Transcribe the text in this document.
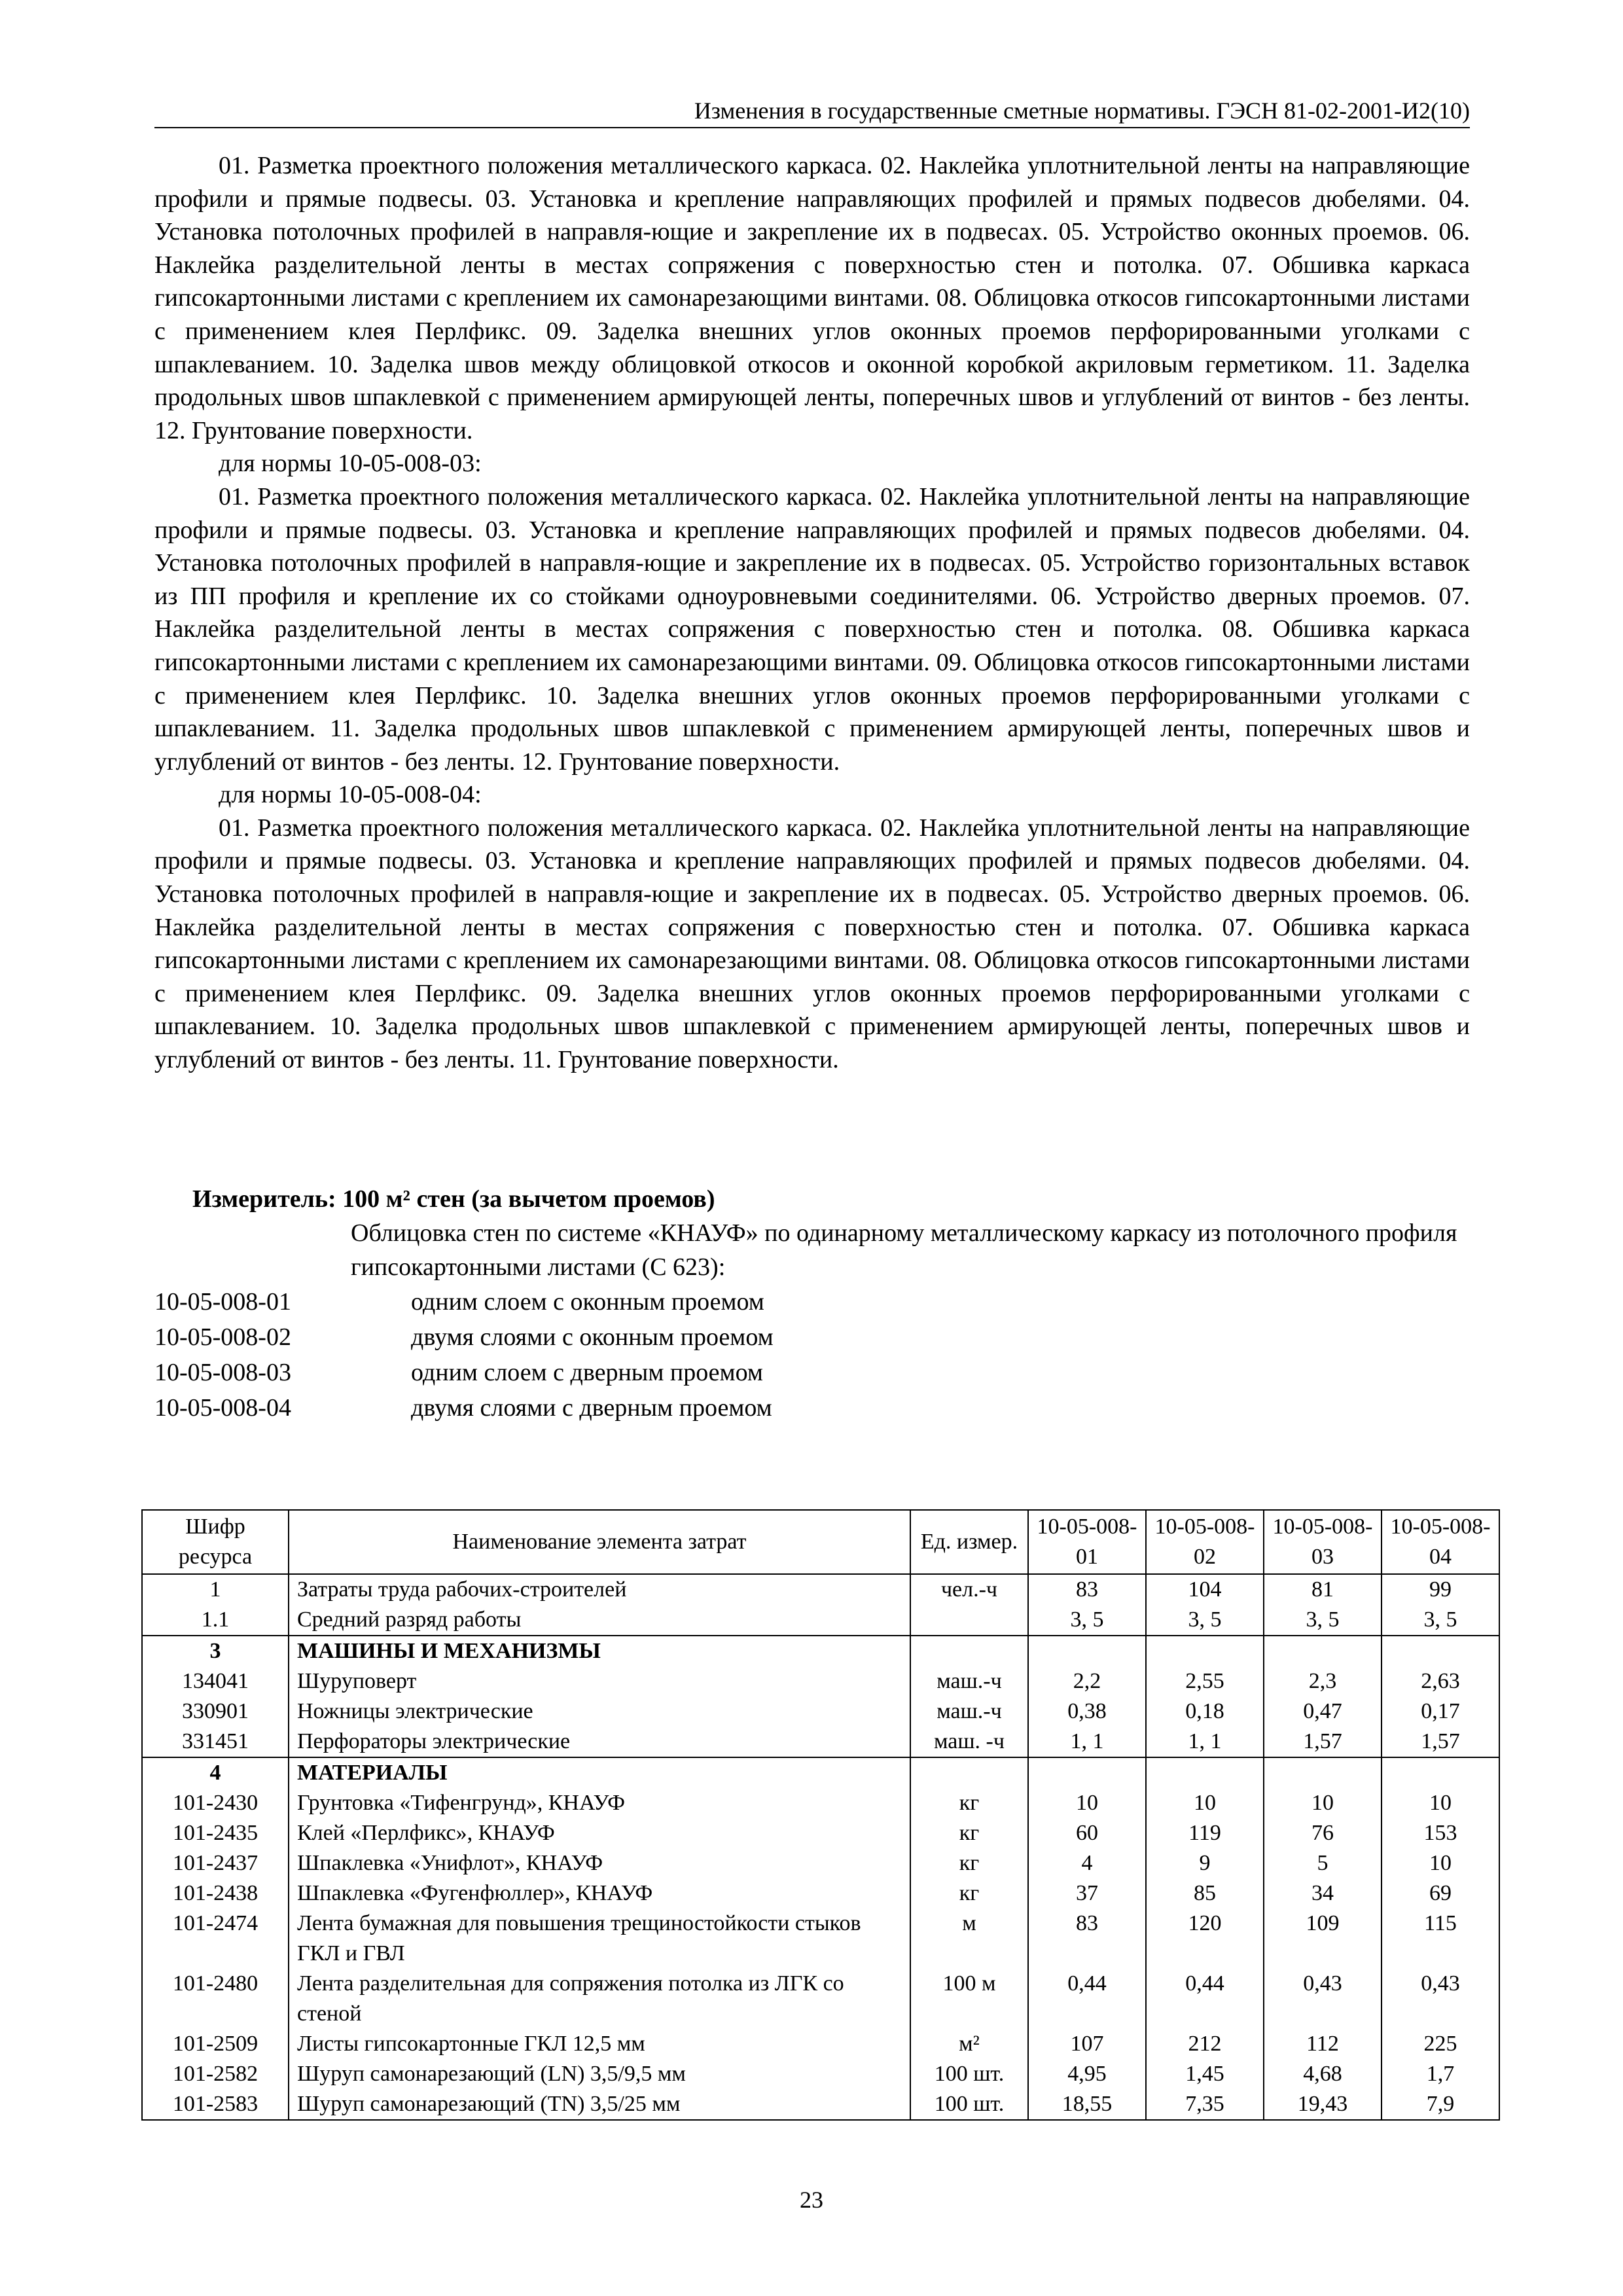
Изменения в государственные сметные нормативы. ГЭСН 81-02-2001-И2(10)

01. Разметка проектного положения металлического каркаса. 02. Наклейка уплотнительной ленты на направляющие профили и прямые подвесы. 03. Установка и крепление направляющих профилей и прямых подвесов дюбелями. 04. Установка потолочных профилей в направля-ющие и закрепление их в подвесах. 05. Устройство оконных проемов. 06. Наклейка разделительной ленты в местах сопряжения с поверхностью стен и потолка. 07. Обшивка каркаса гипсокартонными листами с креплением их самонарезающими винтами. 08. Облицовка откосов гипсокартонными листами с применением клея Перлфикс. 09. Заделка внешних углов оконных проемов перфорированными уголками с шпаклеванием. 10. Заделка швов между облицовкой откосов и оконной коробкой акриловым герметиком. 11. Заделка продольных швов шпаклевкой с применением армирующей ленты, поперечных швов и углублений от винтов - без ленты. 12. Грунтование поверхности.

для нормы 10-05-008-03:

01. Разметка проектного положения металлического каркаса. 02. Наклейка уплотнительной ленты на направляющие профили и прямые подвесы. 03. Установка и крепление направляющих профилей и прямых подвесов дюбелями. 04. Установка потолочных профилей в направля-ющие и закрепление их в подвесах. 05. Устройство горизонтальных вставок из ПП профиля и крепление их со стойками одноуровневыми соединителями. 06. Устройство дверных проемов. 07. Наклейка разделительной ленты в местах сопряжения с поверхностью стен и потолка. 08. Обшивка каркаса гипсокартонными листами с креплением их самонарезающими винтами. 09. Облицовка откосов гипсокартонными листами с применением клея Перлфикс. 10. Заделка внешних углов оконных проемов перфорированными уголками с шпаклеванием. 11. Заделка продольных швов шпаклевкой с применением армирующей ленты, поперечных швов и углублений от винтов - без ленты. 12. Грунтование поверхности.

для нормы 10-05-008-04:

01. Разметка проектного положения металлического каркаса. 02. Наклейка уплотнительной ленты на направляющие профили и прямые подвесы. 03. Установка и крепление направляющих профилей и прямых подвесов дюбелями. 04. Установка потолочных профилей в направля-ющие и закрепление их в подвесах. 05. Устройство дверных проемов. 06. Наклейка разделительной ленты в местах сопряжения с поверхностью стен и потолка. 07. Обшивка каркаса гипсокартонными листами с креплением их самонарезающими винтами. 08. Облицовка откосов гипсокартонными листами с применением клея Перлфикс. 09. Заделка внешних углов оконных проемов перфорированными уголками с шпаклеванием. 10. Заделка продольных швов шпаклевкой с применением армирующей ленты, поперечных швов и углублений от винтов - без ленты. 11. Грунтование поверхности.

Измеритель: 100 м² стен (за вычетом проемов)
Облицовка стен по системе «КНАУФ» по одинарному металлическому каркасу из потолочного профиля гипсокартонными листами (С 623):
10-05-008-01	одним слоем с оконным проемом
10-05-008-02	двумя слоями с оконным проемом
10-05-008-03	одним слоем с дверным проемом
10-05-008-04	двумя слоями с дверным проемом
Шифр ресурса	Наименование элемента затрат	Ед. измер.	10-05-008-01	10-05-008-02	10-05-008-03	10-05-008-04
1	Затраты труда рабочих-строителей	чел.-ч	83	104	81	99
1.1	Средний разряд работы		3, 5	3, 5	3, 5	3, 5
3	МАШИНЫ И МЕХАНИЗМЫ					
134041	Шуруповерт	маш.-ч	2,2	2,55	2,3	2,63
330901	Ножницы электрические	маш.-ч	0,38	0,18	0,47	0,17
331451	Перфораторы электрические	маш. -ч	1, 1	1, 1	1,57	1,57
4	МАТЕРИАЛЫ					
101-2430	Грунтовка «Тифенгрунд», КНАУФ	кг	10	10	10	10
101-2435	Клей «Перлфикс», КНАУФ	кг	60	119	76	153
101-2437	Шпаклевка «Унифлот», КНАУФ	кг	4	9	5	10
101-2438	Шпаклевка «Фугенфюллер», КНАУФ	кг	37	85	34	69
101-2474	Лента бумажная для повышения трещиностойкости стыков ГКЛ и ГВЛ	м	83	120	109	115
101-2480	Лента разделительная для сопряжения потолка из ЛГК со стеной	100 м	0,44	0,44	0,43	0,43
101-2509	Листы гипсокартонные ГКЛ 12,5 мм	м²	107	212	112	225
101-2582	Шуруп самонарезающий (LN) 3,5/9,5 мм	100 шт.	4,95	1,45	4,68	1,7
101-2583	Шуруп самонарезающий (TN) 3,5/25 мм	100 шт.	18,55	7,35	19,43	7,9
23
